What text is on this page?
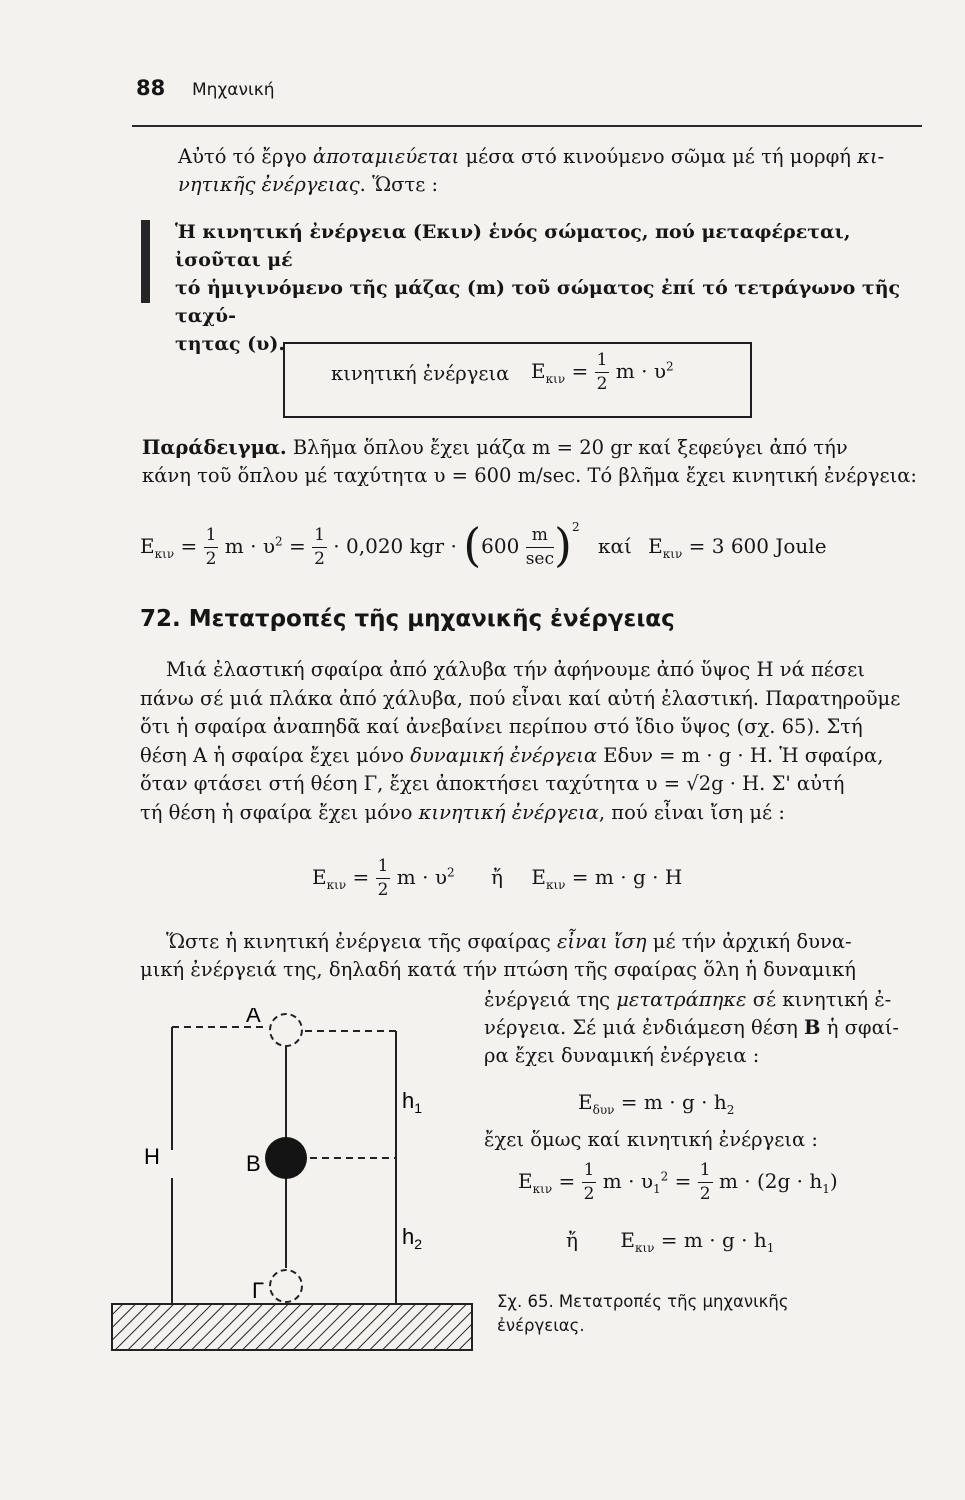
88 Μηχανική

Αὐτό τό ἔργο ἀποταμιεύεται μέσα στό κινούμενο σῶμα μέ τή μορφή κι-
νητικῆς ἐνέργειας. Ὥστε :

Ἡ κινητική ἐνέργεια (Eκιν) ἑνός σώματος, πού μεταφέρεται, ἰσοῦται μέ
τό ἡμιγινόμενο τῆς μάζας (m) τοῦ σώματος ἐπί τό τετράγωνο τῆς ταχύ-
τητας (υ).

κινητική ἐνέργεια $E_{\kappa\iota\nu} = \frac{1}{2}$ $m \cdot \upsilon^2$

Παράδειγμα. Βλῆμα ὅπλου ἔχει μάζα m = 20 gr καί ξεφεύγει ἀπό τήν
κάνη τοῦ ὅπλου μέ ταχύτητα υ = 600 m/sec. Τό βλῆμα ἔχει κινητική ἐνέργεια:

$E_{\kappa\iota\nu} = \frac{1}{2}$ $m \cdot \upsilon^2 = \frac{1}{2} \cdot 0,020$ kgr · $(600 \frac{m}{\sec} )^2$ καί $E_{\kappa\iota\nu} = 3$ 600 Joule
72. Μετατροπές τῆς μηχανικῆς ἐνέργειας

Μιά ἐλαστική σφαίρα ἀπό χάλυβα τήν ἀφήνουμε ἀπό ὕψος Η νά πέσει
πάνω σέ μιά πλάκα ἀπό χάλυβα, πού εἶναι καί αὐτή ἐλαστική. Παρατηροῦμε
ὅτι ἡ σφαίρα ἀναπηδᾶ καί ἀνεβαίνει περίπου στό ἴδιο ὕψος (σχ. 65). Στή
θέση Α ἡ σφαίρα ἔχει μόνο δυναμική ἐνέργεια Eδυν = m · g · H. Ἡ σφαίρα,
ὅταν φτάσει στή θέση Γ, ἔχει ἀποκτήσει ταχύτητα υ = √2g · H. Σ' αὐτή
τή θέση ἡ σφαίρα ἔχει μόνο κινητική ἐνέργεια, πού εἶναι ἴση μέ :

$E_{\kappa\iota\nu} = \frac{1}{2}$ $m \cdot \upsilon^2$ ἤ $E_{\kappa\iota\nu} = m \cdot g \cdot H$

Ὥστε ἡ κινητική ἐνέργεια τῆς σφαίρας εἶναι ἴση μέ τήν ἀρχική δυνα-
μική ἐνέργειά της, δηλαδή κατά τήν πτώση τῆς σφαίρας ὅλη ἡ δυναμική

ἐνέργειά της μετατράπηκε σέ κινητική ἐ-
νέργεια. Σέ μιά ἐνδιάμεση θέση B ἡ σφαί-
ρα ἔχει δυναμική ἐνέργεια :

$E_{\delta\upsilon\nu} = m \cdot g \cdot h_2$

ἔχει ὅμως καί κινητική ἐνέργεια :

$E_{\kappa\iota\nu} = \frac{1}{2}$ $m \cdot \upsilon_1^2 = \frac{1}{2}$ $m \cdot (2g \cdot h_1)$
ἤ $E_{\kappa\iota\nu} = m \cdot g \cdot h_1$
Α
Β
Γ
H
$h_1$
$h_2$
Σχ. 65. Μετατροπές τῆς μηχανικῆς ἐνέργειας.
